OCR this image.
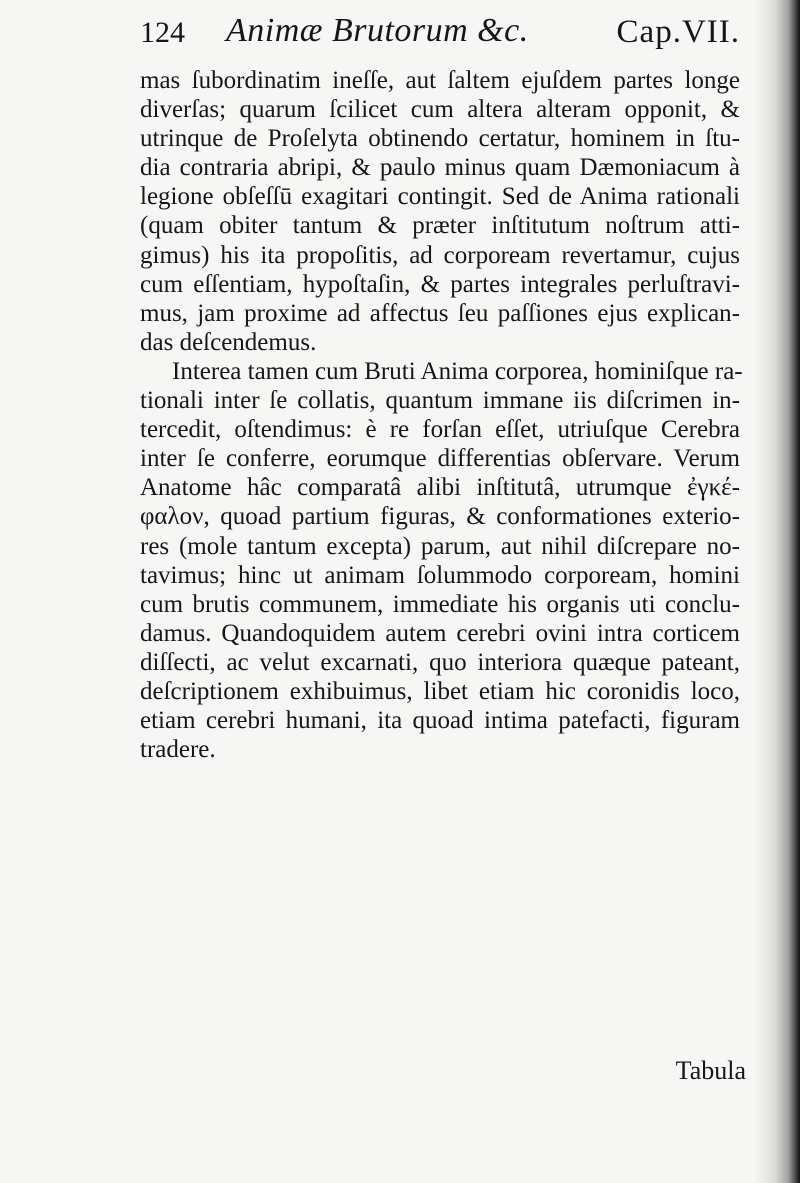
124 Animæ Brutorum &c.	Cap.VII.
mas ſubordinatim ineſſe, aut ſaltem ejuſdem partes longe
diverſas; quarum ſcilicet cum altera alteram opponit, &
utrinque de Proſelyta obtinendo certatur, hominem in ſtu-
dia contraria abripi, & paulo minus quam Dæmoniacum à
legione obſeſſū exagitari contingit. Sed de Anima rationali
(quam obiter tantum & præter inſtitutum noſtrum atti-
gimus) his ita propoſitis, ad corpoream revertamur, cujus
cum eſſentiam, hypoſtaſin, & partes integrales perluſtravi-
mus, jam proxime ad affectus ſeu paſſiones ejus explican-
das deſcendemus.
Interea tamen cum Bruti Anima corporea, hominiſque ra-
tionali inter ſe collatis, quantum immane iis diſcrimen in-
tercedit, oſtendimus: è re forſan eſſet, utriuſque Cerebra
inter ſe conferre, eorumque differentias obſervare. Verum
Anatome hâc comparatâ alibi inſtitutâ, utrumque ἐγκέ-
φαλον, quoad partium figuras, & conformationes exterio-
res (mole tantum excepta) parum, aut nihil diſcrepare no-
tavimus; hinc ut animam ſolummodo corpoream, homini
cum brutis communem, immediate his organis uti conclu-
damus. Quandoquidem autem cerebri ovini intra corticem
diſſecti, ac velut excarnati, quo interiora quæque pateant,
deſcriptionem exhibuimus, libet etiam hic coronidis loco,
etiam cerebri humani, ita quoad intima patefacti, figuram
tradere.
Tabula
